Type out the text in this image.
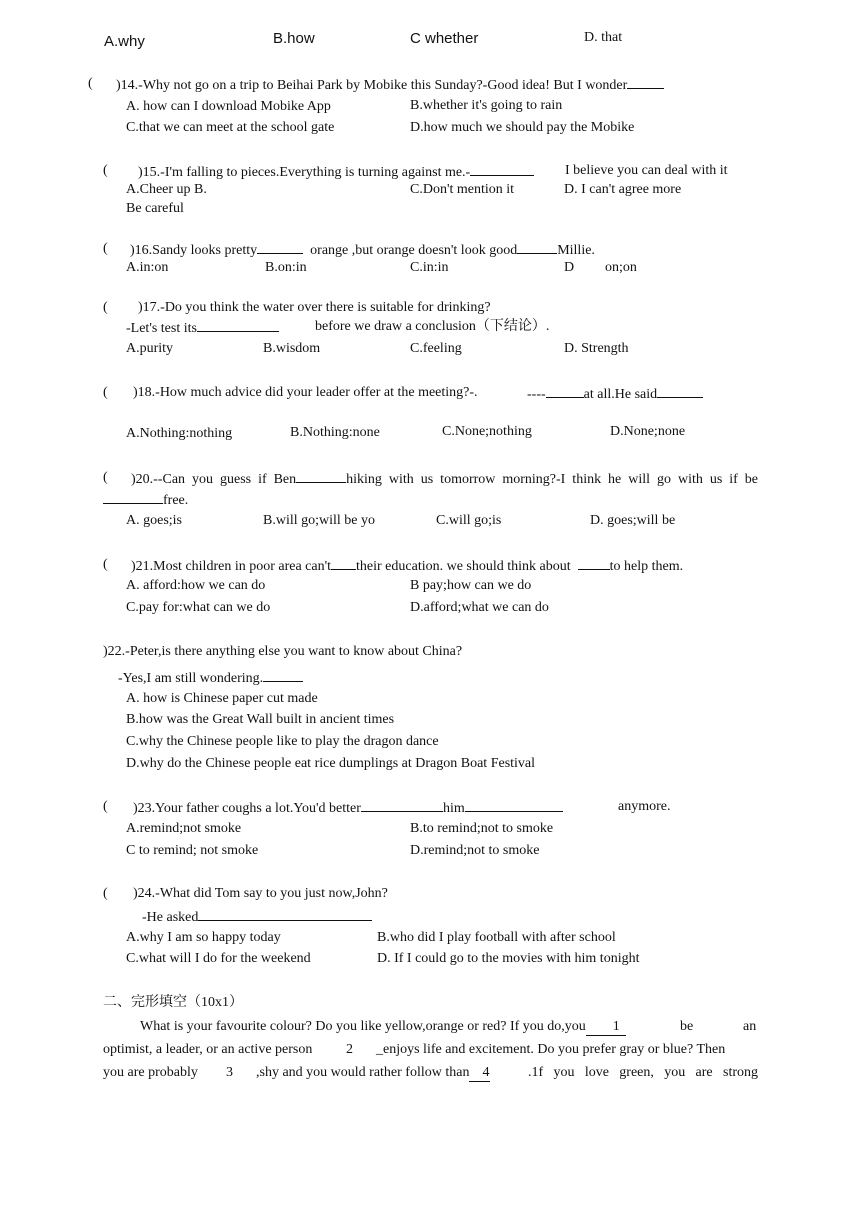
A.why	B.how	C whether	D. that
( )14.-Why not go on a trip to Beihai Park by Mobike this Sunday?-Good idea! But I wonder
A. how can I download Mobike App	B.whether it's going to rain
C.that we can meet at the school gate	D.how much we should pay the Mobike
( )15.-I'm falling to pieces.Everything is turning against me.-	I believe you can deal with it
A.Cheer up B.
Be careful
C.Don't mention it	D. I can't agree more
( )16.Sandy looks pretty	orange ,but orange doesn't look good	Millie.
A.in:on	B.on:in	C.in:in	D on;on
( )17.-Do you think the water over there is suitable for drinking?
-Let's test its	before we draw a conclusion（下结论）.
A.purity	B.wisdom	C.feeling	D. Strength
( )18.-How much advice did your leader offer at the meeting?-.	----	at all.He said
A.Nothing:nothing	B.Nothing:none	C.None;nothing	D.None;none
( )20.--Can you guess if Ben	hiking with us tomorrow morning?-I think he will go with us if be
free.
A. goes;is	B.will go;will be yo	C.will go;is	D. goes;will be
( )21.Most children in poor area can't their education. we should think about	to help them.
A. afford:how we can do	B pay;how can we do
C.pay for:what can we do	D.afford;what we can do
)22.-Peter,is there anything else you want to know about China?
-Yes,I am still wondering.
A. how is Chinese paper cut made
B.how was the Great Wall built in ancient times
C.why the Chinese people like to play the dragon dance
D.why do the Chinese people eat rice dumplings at Dragon Boat Festival
( )23.Your father coughs a lot.You'd better	him	anymore.
A.remind;not smoke	B.to remind;not to smoke
C to remind; not smoke	D.remind;not to smoke
( )24.-What did Tom say to you just now,John?
-He asked
A.why I am so happy today	B.who did I play football with after school
C.what will I do for the weekend	D. If I could go to the movies with him tonight
二、完形填空（10x1）
What is your favourite colour? Do you like yellow,orange or red? If you do,you 1	be	an
optimist, a leader, or an active person 2 _enjoys life and excitement. Do you prefer gray or blue? Then
you are probably 3 ,shy and you would rather follow than 4	.1f you love green, you are strong
